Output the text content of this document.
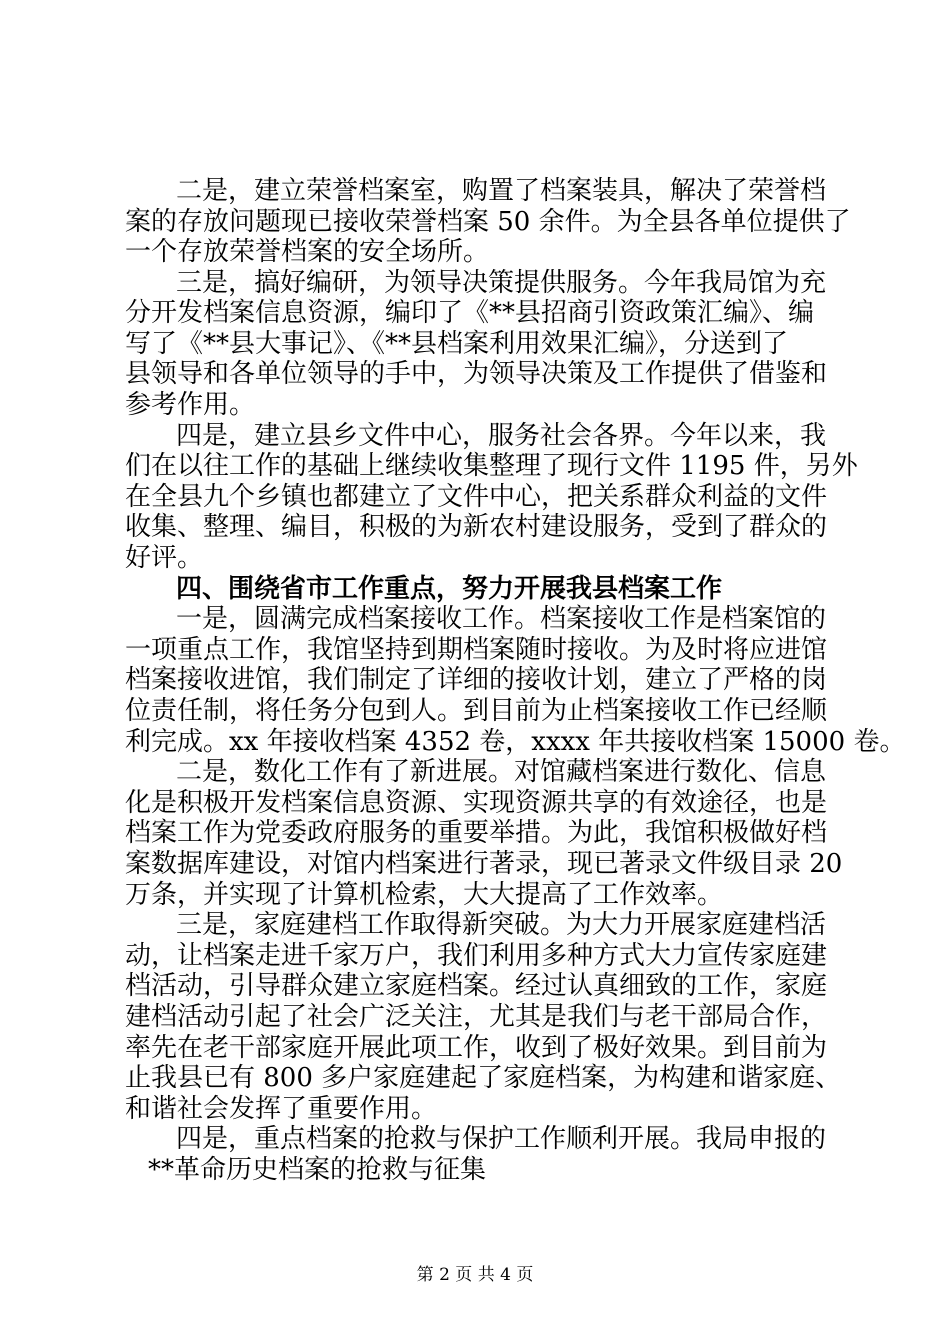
二是，建立荣誉档案室，购置了档案装具，解决了荣誉档
案的存放问题现已接收荣誉档案 50 余件。为全县各单位提供了
一个存放荣誉档案的安全场所。
三是，搞好编研，为领导决策提供服务。今年我局馆为充
分开发档案信息资源，编印了《**县招商引资政策汇编》、编
写了《**县大事记》、《**县档案利用效果汇编》，分送到了
县领导和各单位领导的手中，为领导决策及工作提供了借鉴和
参考作用。
四是，建立县乡文件中心，服务社会各界。今年以来，我
们在以往工作的基础上继续收集整理了现行文件 1195 件，另外
在全县九个乡镇也都建立了文件中心，把关系群众利益的文件
收集、整理、编目，积极的为新农村建设服务，受到了群众的
好评。
四、围绕省市工作重点，努力开展我县档案工作
一是，圆满完成档案接收工作。档案接收工作是档案馆的
一项重点工作，我馆坚持到期档案随时接收。为及时将应进馆
档案接收进馆，我们制定了详细的接收计划，建立了严格的岗
位责任制，将任务分包到人。到目前为止档案接收工作已经顺
利完成。xx 年接收档案 4352 卷，xxxx 年共接收档案 15000 卷。
二是，数化工作有了新进展。对馆藏档案进行数化、信息
化是积极开发档案信息资源、实现资源共享的有效途径，也是
档案工作为党委政府服务的重要举措。为此，我馆积极做好档
案数据库建设，对馆内档案进行著录，现已著录文件级目录 20
万条，并实现了计算机检索，大大提高了工作效率。
三是，家庭建档工作取得新突破。为大力开展家庭建档活
动，让档案走进千家万户，我们利用多种方式大力宣传家庭建
档活动，引导群众建立家庭档案。经过认真细致的工作，家庭
建档活动引起了社会广泛关注，尤其是我们与老干部局合作，
率先在老干部家庭开展此项工作，收到了极好效果。到目前为
止我县已有 800 多户家庭建起了家庭档案，为构建和谐家庭、
和谐社会发挥了重要作用。
四是，重点档案的抢救与保护工作顺利开展。我局申报的
**革命历史档案的抢救与征集
第 2 页 共 4 页
